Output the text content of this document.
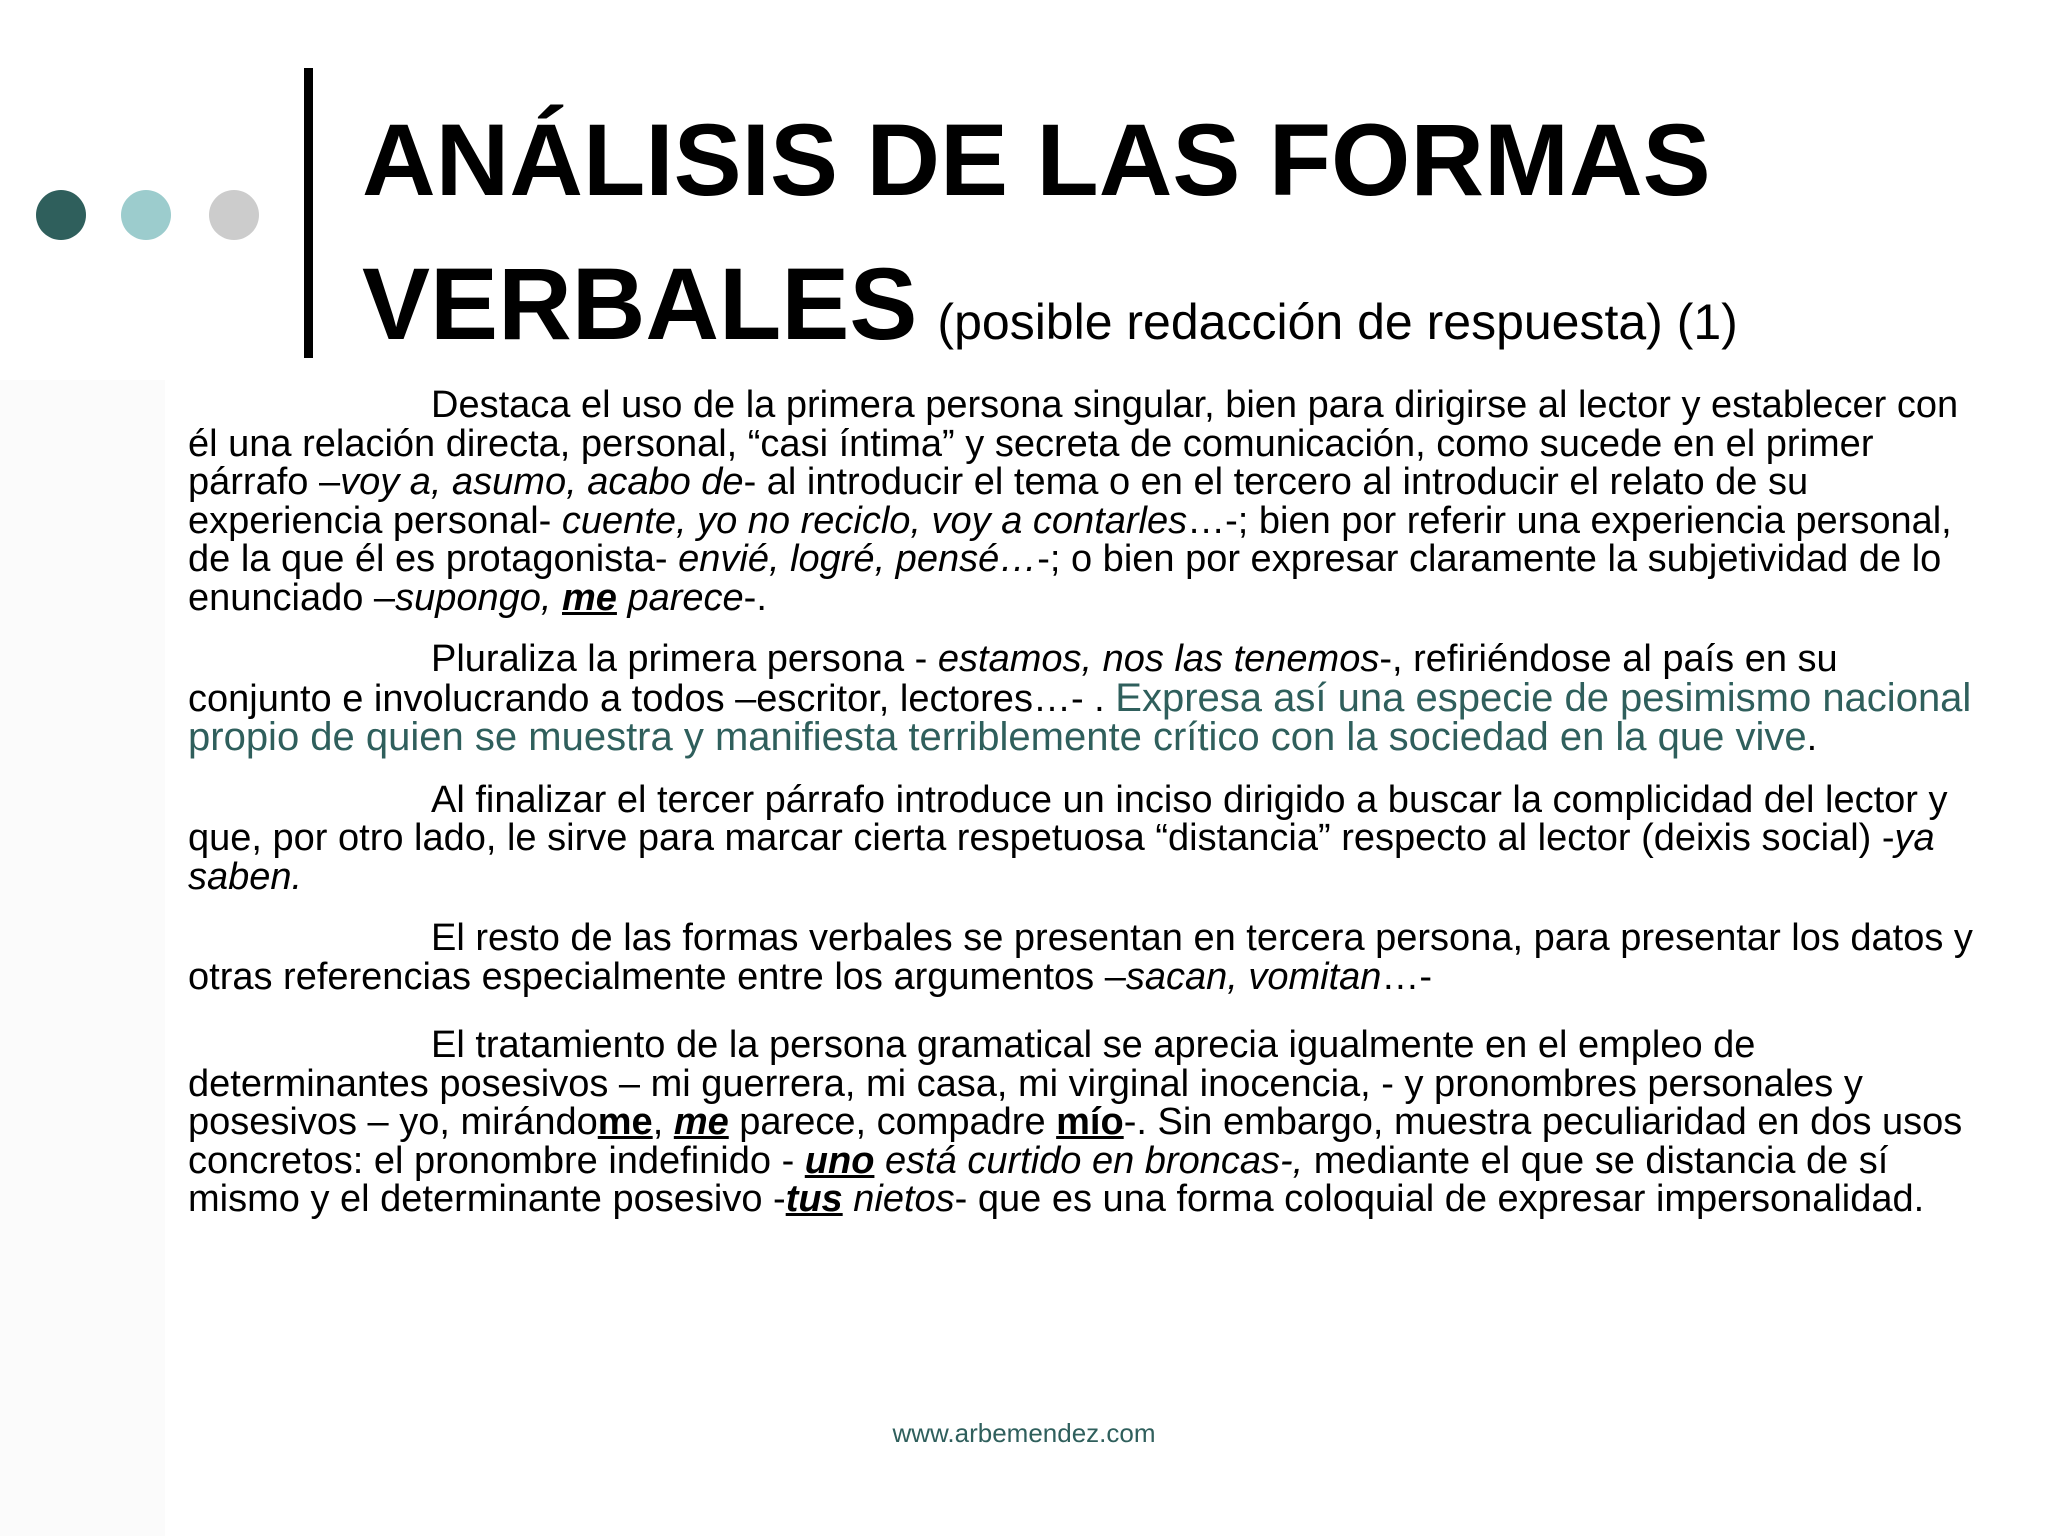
ANÁLISIS DE LAS FORMAS
VERBALES (posible redacción de respuesta) (1)

Destaca el uso de la primera persona singular, bien para dirigirse al lector y establecer con él una relación directa, personal, “casi íntima” y secreta de comunicación, como sucede en el primer párrafo –voy a, asumo, acabo de- al introducir el tema o en el tercero al introducir el relato de su experiencia personal- cuente, yo no reciclo, voy a contarles…-; bien por referir una experiencia personal, de la que él es protagonista- envié, logré, pensé…-; o bien por expresar claramente la subjetividad de lo enunciado –supongo, me parece-.

Pluraliza la primera persona - estamos, nos las tenemos-, refiriéndose al país en su conjunto e involucrando a todos –escritor, lectores…- . Expresa así una especie de pesimismo nacional propio de quien se muestra y manifiesta terriblemente crítico con la sociedad en la que vive.

Al finalizar el tercer párrafo introduce un inciso dirigido a buscar la complicidad del lector y que, por otro lado, le sirve para marcar cierta respetuosa “distancia” respecto al lector (deixis social) -ya saben.

El resto de las formas verbales se presentan en tercera persona, para presentar los datos y otras referencias especialmente entre los argumentos –sacan, vomitan…-

El tratamiento de la persona gramatical se aprecia igualmente en el empleo de determinantes posesivos – mi guerrera, mi casa, mi virginal inocencia, - y pronombres personales y posesivos – yo, mirándome, me parece, compadre mío-. Sin embargo, muestra peculiaridad en dos usos concretos: el pronombre indefinido - uno está curtido en broncas-, mediante el que se distancia de sí mismo y el determinante posesivo -tus nietos- que es una forma coloquial de expresar impersonalidad.

www.arbemendez.com
